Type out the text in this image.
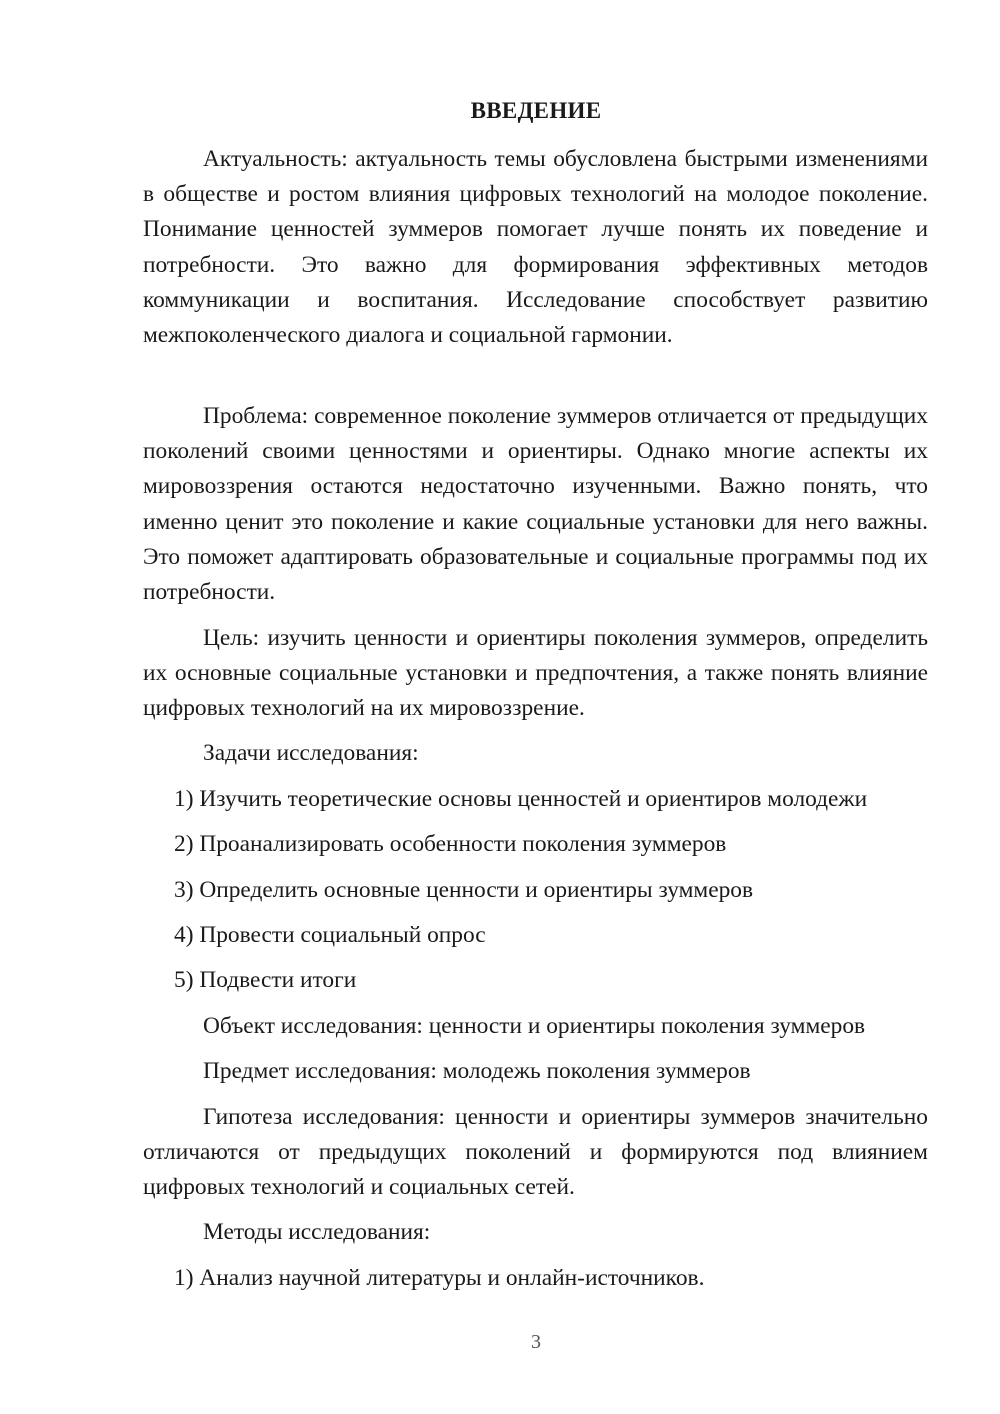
ВВЕДЕНИЕ

Актуальность: актуальность темы обусловлена быстрыми изменениями в обществе и ростом влияния цифровых технологий на молодое поколение. Понимание ценностей зуммеров помогает лучше понять их поведение и потребности. Это важно для формирования эффективных методов коммуникации и воспитания. Исследование способствует развитию межпоколенческого диалога и социальной гармонии.

Проблема: современное поколение зуммеров отличается от предыдущих поколений своими ценностями и ориентиры. Однако многие аспекты их мировоззрения остаются недостаточно изученными. Важно понять, что именно ценит это поколение и какие социальные установки для него важны. Это поможет адаптировать образовательные и социальные программы под их потребности.

Цель: изучить ценности и ориентиры поколения зуммеров, определить их основные социальные установки и предпочтения, а также понять влияние цифровых технологий на их мировоззрение.

Задачи исследования:

1) Изучить теоретические основы ценностей и ориентиров молодежи

2) Проанализировать особенности поколения зуммеров

3) Определить основные ценности и ориентиры зуммеров

4) Провести социальный опрос

5) Подвести итоги

Объект исследования: ценности и ориентиры поколения зуммеров

Предмет исследования: молодежь поколения зуммеров

Гипотеза исследования: ценности и ориентиры зуммеров значительно отличаются от предыдущих поколений и формируются под влиянием цифровых технологий и социальных сетей.

Методы исследования:

1) Анализ научной литературы и онлайн-источников.

3
